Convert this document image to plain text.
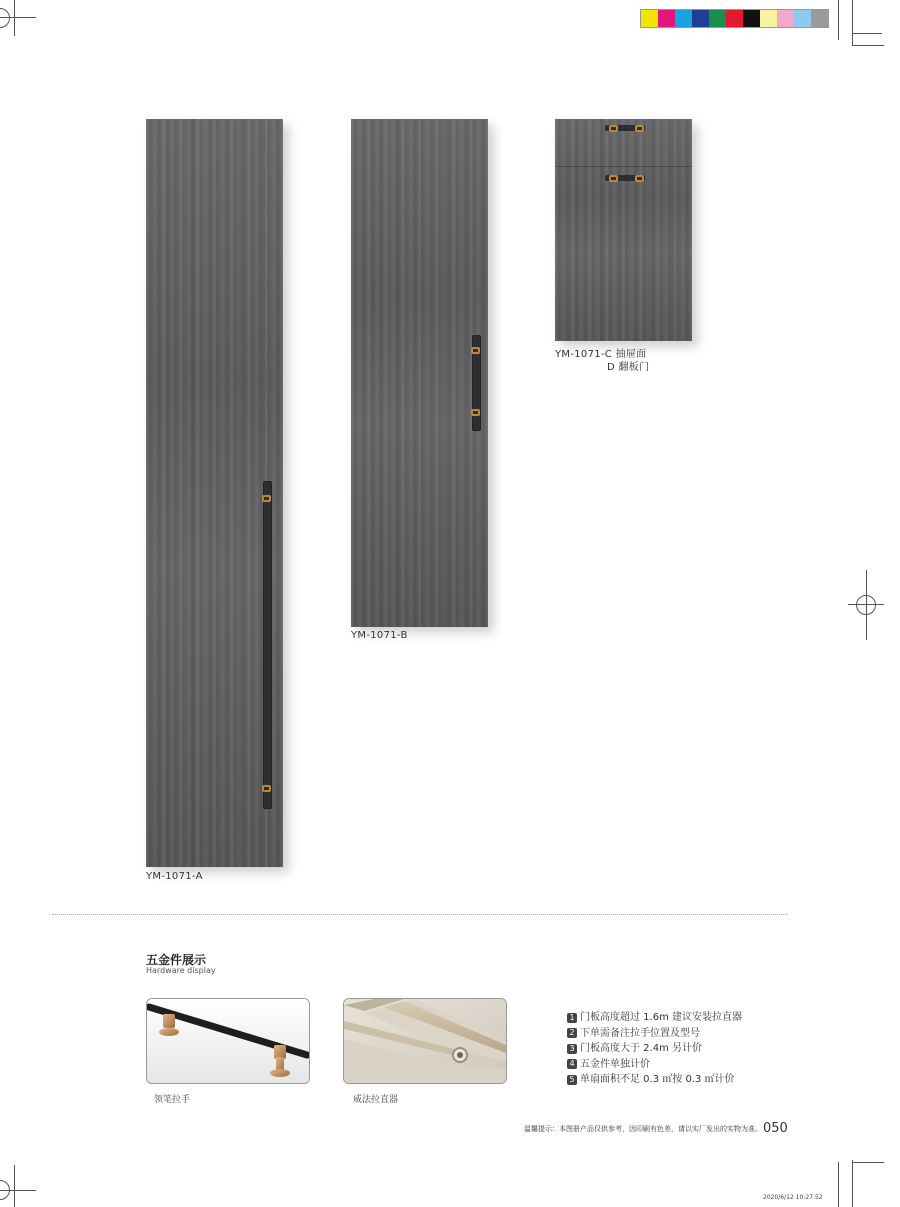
YM-1071-A
YM-1071-B
YM-1071-C 抽屉面
D 翻板门
五金件展示
Hardware display
领笔拉手	威法拉直器
1 门板高度超过 1.6m 建议安装拉直器
2 下单需备注拉手位置及型号
3 门板高度大于 2.4m 另计价
4 五金件单独计价
5 单扇面积不足 0.3 ㎡按 0.3 ㎡计价
温馨提示：本图册产品仅供参考，因印刷有色差，请以实厂发出的实物为准。 050
2020/6/12 10:27:52
